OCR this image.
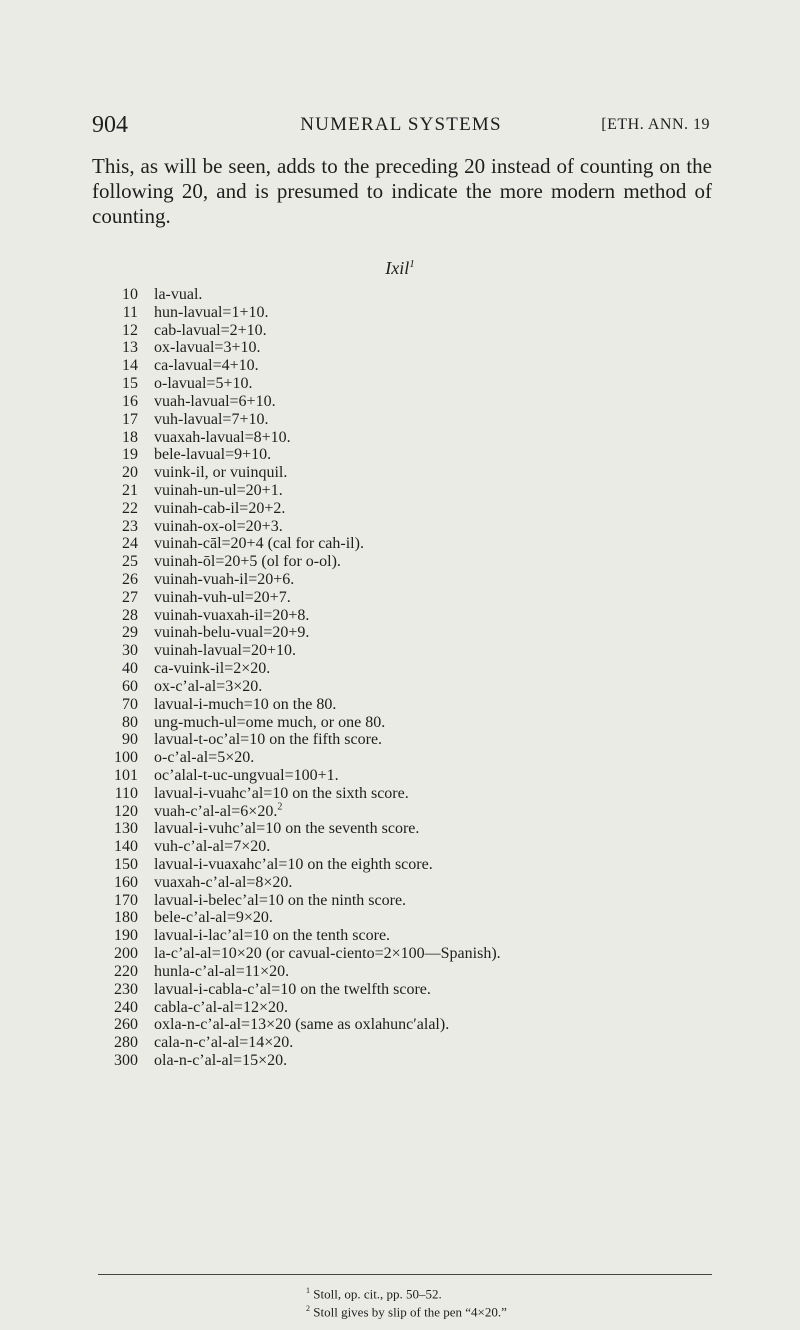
904	NUMERAL SYSTEMS	[ETH. ANN. 19

This, as will be seen, adds to the preceding 20 instead of counting on the following 20, and is presumed to indicate the more modern method of counting.

Ixil$^1$
10 la-vual.
11 hun-lavual=1+10.
12 cab-lavual=2+10.
13 ox-lavual=3+10.
14 ca-lavual=4+10.
15 o-lavual=5+10.
16 vuah-lavual=6+10.
17 vuh-lavual=7+10.
18 vuaxah-lavual=8+10.
19 bele-lavual=9+10.
20 vuink-il, or vuinquil.
21 vuinah-un-ul=20+1.
22 vuinah-cab-il=20+2.
23 vuinah-ox-ol=20+3.
24 vuinah-cāl=20+4 (cal for cah-il).
25 vuinah-ōl=20+5 (ol for o-ol).
26 vuinah-vuah-il=20+6.
27 vuinah-vuh-ul=20+7.
28 vuinah-vuaxah-il=20+8.
29 vuinah-belu-vual=20+9.
30 vuinah-lavual=20+10.
40 ca-vuink-il=2×20.
60 ox-c’al-al=3×20.
70 lavual-i-much=10 on the 80.
80 ung-much-ul=ome much, or one 80.
90 lavual-t-oc’al=10 on the fifth score.
100 o-c’al-al=5×20.
101 oc’alal-t-uc-ungvual=100+1.
110 lavual-i-vuahc’al=10 on the sixth score.
120 vuah-c’al-al=6×20.$^2$
130 lavual-i-vuhc’al=10 on the seventh score.
140 vuh-c’al-al=7×20.
150 lavual-i-vuaxahc’al=10 on the eighth score.
160 vuaxah-c’al-al=8×20.
170 lavual-i-belec’al=10 on the ninth score.
180 bele-c’al-al=9×20.
190 lavual-i-lac’al=10 on the tenth score.
200 la-c’al-al=10×20 (or cavual-ciento=2×100—Spanish).
220 hunla-c’al-al=11×20.
230 lavual-i-cabla-c’al=10 on the twelfth score.
240 cabla-c’al-al=12×20.
260 oxla-n-c’al-al=13×20 (same as oxlahunc′alal).
280 cala-n-c’al-al=14×20.
300 ola-n-c’al-al=15×20.
$^1$ Stoll, op. cit., pp. 50–52.
$^2$ Stoll gives by slip of the pen “4×20.”
